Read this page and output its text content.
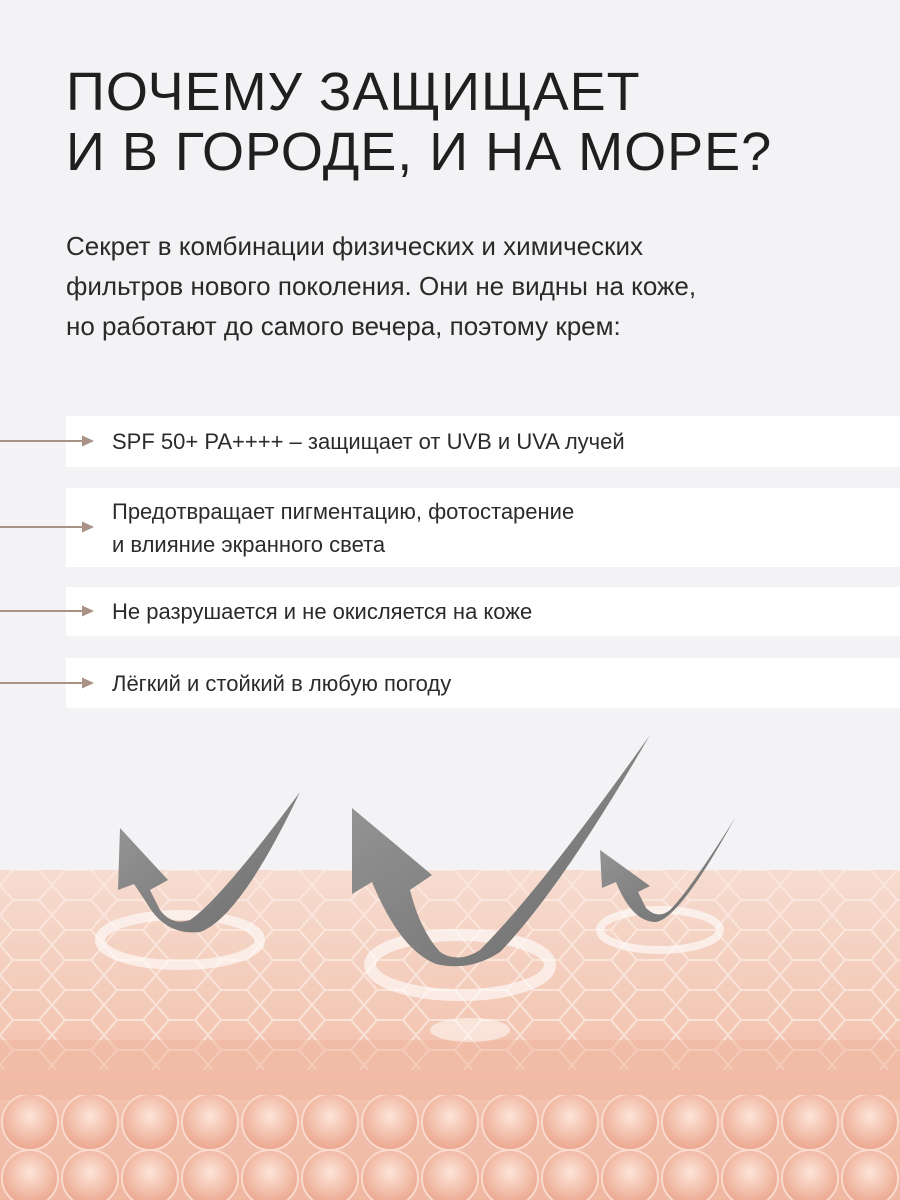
ПОЧЕМУ ЗАЩИЩАЕТ
И В ГОРОДЕ, И НА МОРЕ?

Секрет в комбинации физических и химических
фильтров нового поколения. Они не видны на коже,
но работают до самого вечера, поэтому крем:

SPF 50+ PA++++ – защищает от UVB и UVA лучей
Предотвращает пигментацию, фотостарение
и влияние экранного света
Не разрушается и не окисляется на коже
Лёгкий и стойкий в любую погоду
